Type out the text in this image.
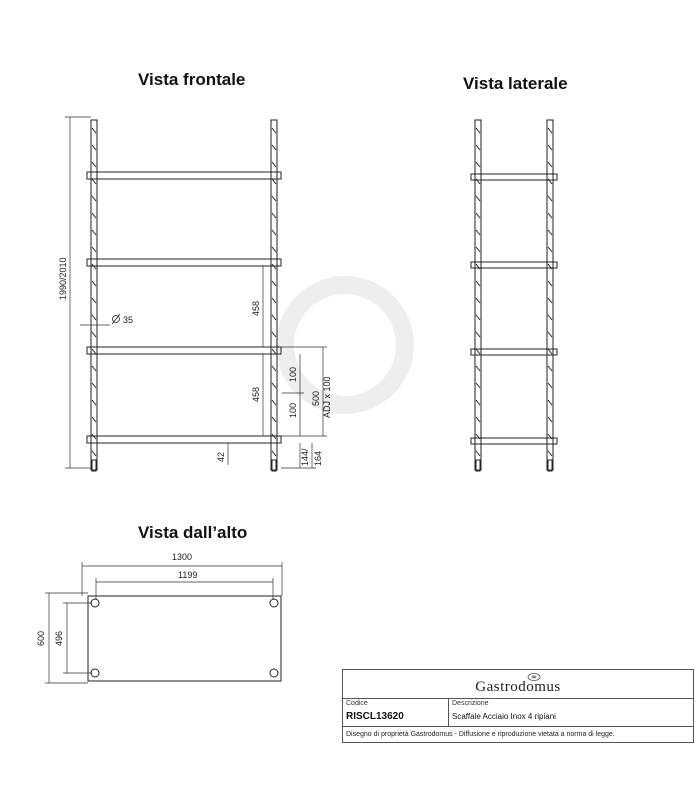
Vista frontale	Vista laterale
Vista dall’alto
1990/2010
35
458
458
100
100
500 ADJ x 100
42	144/ 164
1300
1199
600 496
Gastrodomus
Codice
RISCL13620
Descrizione
Scaffale Acciaio Inox 4 ripiani
Disegno di proprietà Gastrodomus - Diffusione e riproduzione vietata a norma di legge.
